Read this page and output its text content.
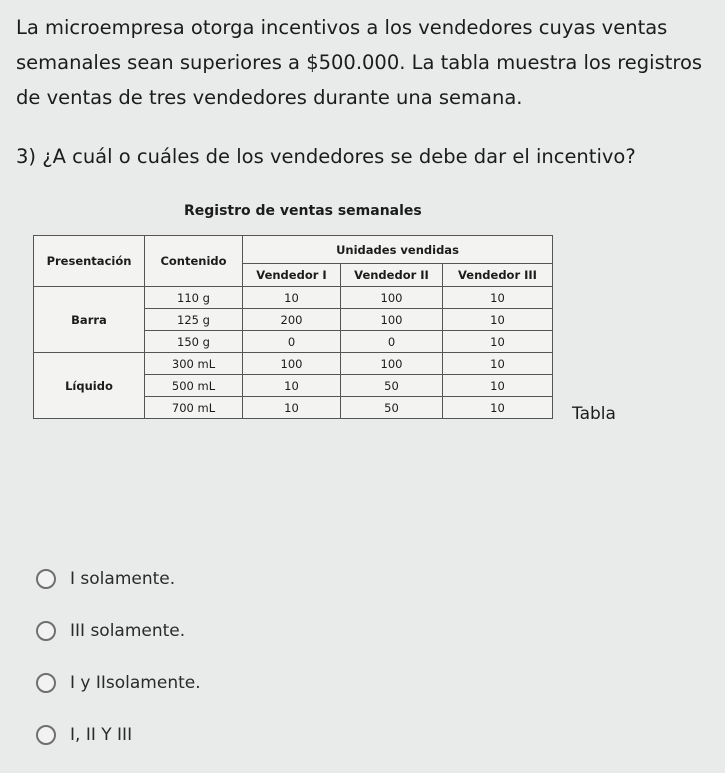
La microempresa otorga incentivos a los vendedores cuyas ventas semanales sean superiores a $500.000. La tabla muestra los registros de ventas de tres vendedores durante una semana.

3) ¿A cuál o cuáles de los vendedores se debe dar el incentivo?

Registro de ventas semanales
Presentación	Contenido	Unidades vendidas		
		Vendedor I	Vendedor II	Vendedor III
Barra	110 g	10	100	10
	125 g	200	100	10
	150 g	0	0	10
Líquido	300 mL	100	100	10
	500 mL	10	50	10
	700 mL	10	50	10	Tabla
I solamente.
III solamente.
I y IIsolamente.
I, II Y III
